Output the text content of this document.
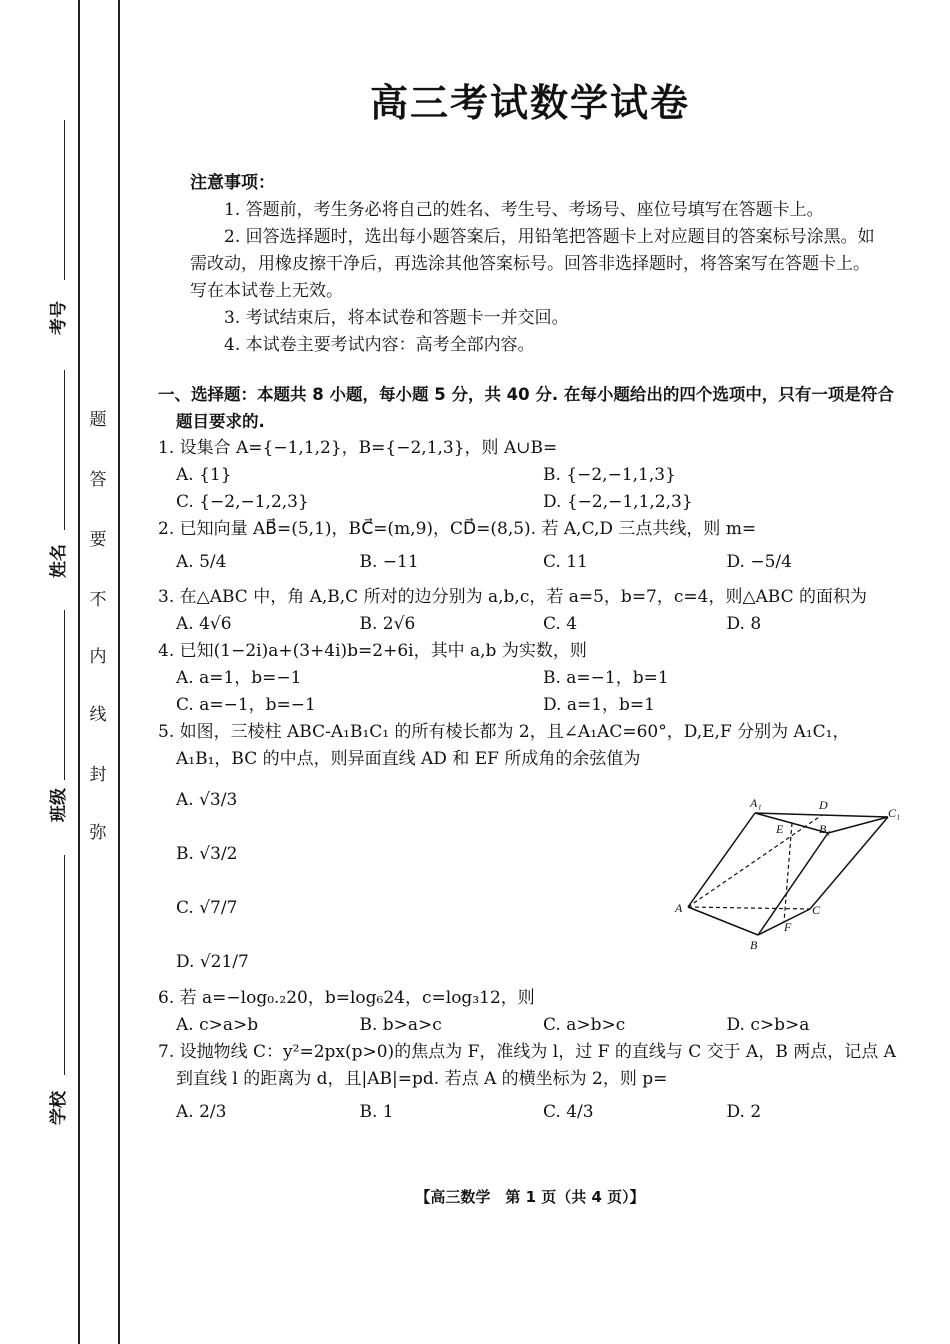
考号
姓名
班级
学校
题
答
要
不
内
线
封
弥
高三考试数学试卷
注意事项：
1. 答题前，考生务必将自己的姓名、考生号、考场号、座位号填写在答题卡上。
2. 回答选择题时，选出每小题答案后，用铅笔把答题卡上对应题目的答案标号涂黑。如需改动，用橡皮擦干净后，再选涂其他答案标号。回答非选择题时，将答案写在答题卡上。写在本试卷上无效。
3. 考试结束后，将本试卷和答题卡一并交回。
4. 本试卷主要考试内容：高考全部内容。
一、选择题：本题共 8 小题，每小题 5 分，共 40 分. 在每小题给出的四个选项中，只有一项是符合
题目要求的.
1. 设集合 A={−1,1,2}，B={−2,1,3}，则 A∪B=
A. {1}	B. {−2,−1,1,3}
C. {−2,−1,2,3}	D. {−2,−1,1,2,3}
2. 已知向量 AB⃗=(5,1)，BC⃗=(m,9)，CD⃗=(8,5). 若 A,C,D 三点共线，则 m=
A. 5/4	B. −11	C. 11	D. −5/4
3. 在△ABC 中，角 A,B,C 所对的边分别为 a,b,c，若 a=5，b=7，c=4，则△ABC 的面积为
A. 4√6	B. 2√6	C. 4	D. 8
4. 已知(1−2i)a+(3+4i)b=2+6i，其中 a,b 为实数，则
A. a=1，b=−1	B. a=−1，b=1
C. a=−1，b=−1	D. a=1，b=1
5. 如图，三棱柱 ABC-A₁B₁C₁ 的所有棱长都为 2，且∠A₁AC=60°，D,E,F 分别为 A₁C₁，
A₁B₁，BC 的中点，则异面直线 AD 和 EF 所成角的余弦值为
A. √3/3
B. √3/2
C. √7/7
D. √21/7
6. 若 a=−log₀.₂20，b=log₆24，c=log₃12，则
A. c>a>b	B. b>a>c	C. a>b>c	D. c>b>a
7. 设抛物线 C：y²=2px(p>0)的焦点为 F，准线为 l，过 F 的直线与 C 交于 A，B 两点，记点 A
到直线 l 的距离为 d，且|AB|=pd. 若点 A 的横坐标为 2，则 p=
A. 2/3	B. 1	C. 4/3	D. 2
A₁	D
C₁
E	B₁
A	C
F
B
【高三数学　第 1 页（共 4 页）】
